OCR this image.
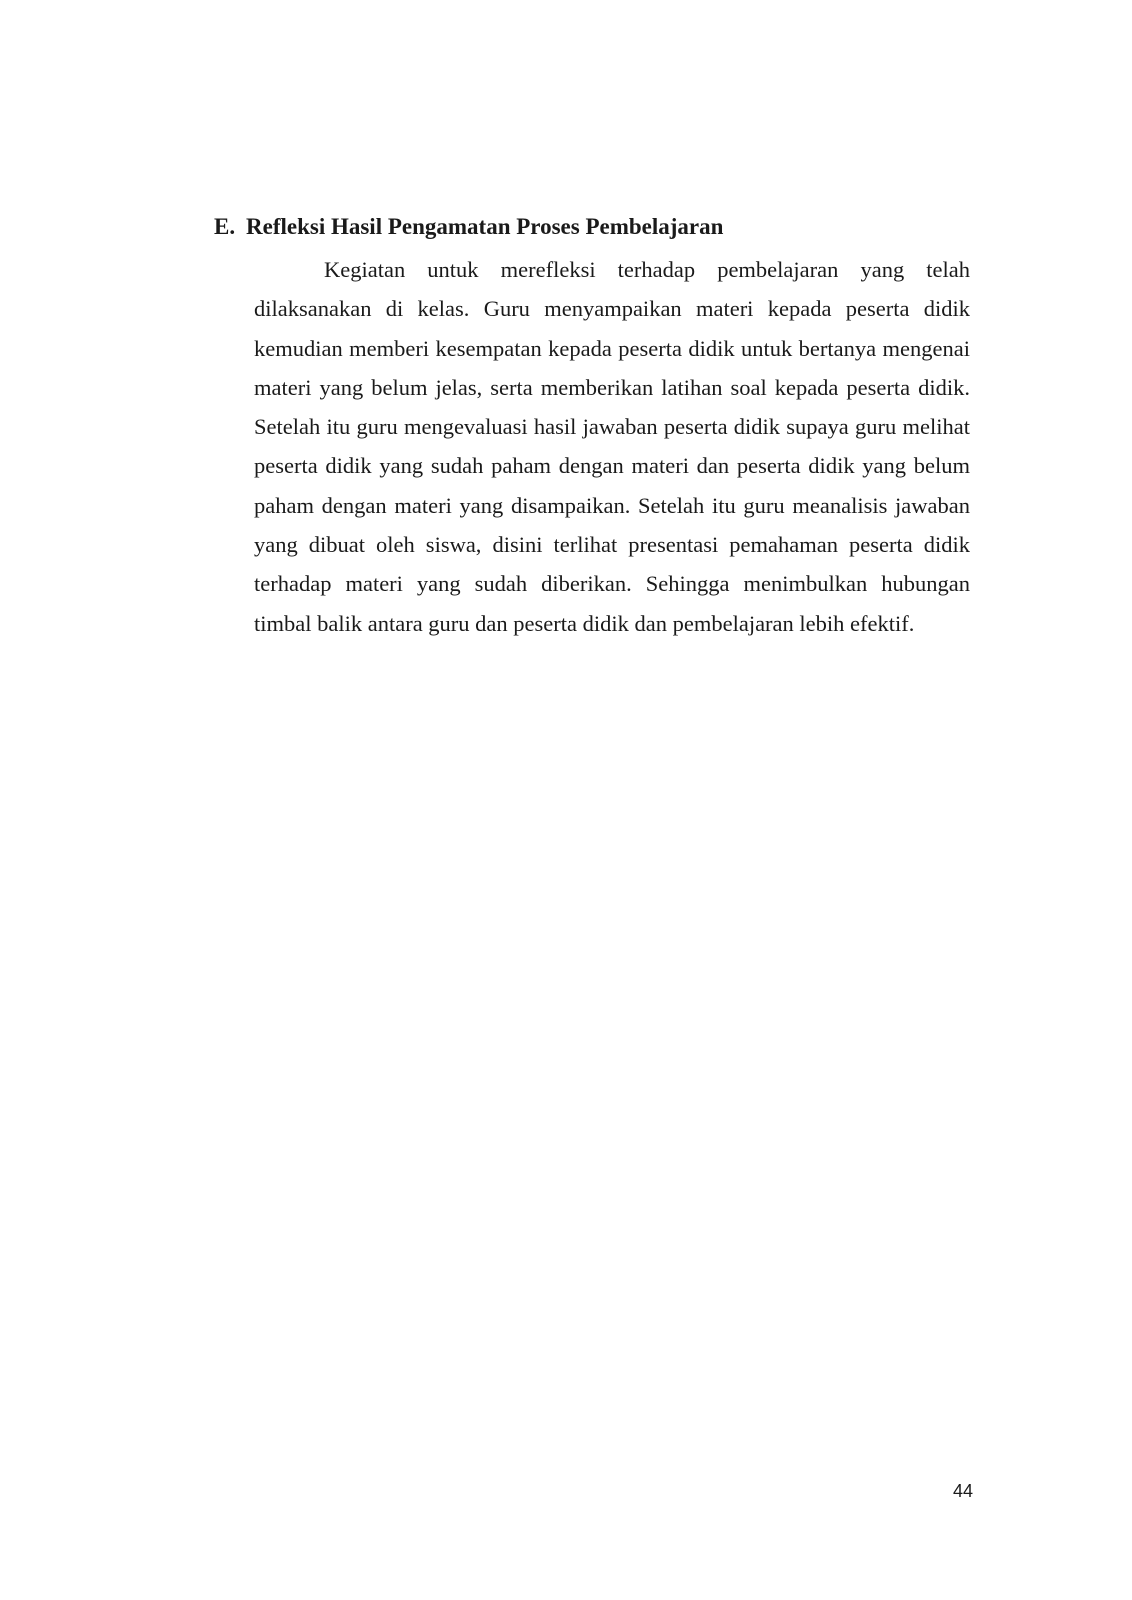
E. Refleksi Hasil Pengamatan Proses Pembelajaran

Kegiatan untuk merefleksi terhadap pembelajaran yang telah dilaksanakan di kelas. Guru menyampaikan materi kepada peserta didik kemudian memberi kesempatan kepada peserta didik untuk bertanya mengenai materi yang belum jelas, serta memberikan latihan soal kepada peserta didik. Setelah itu guru mengevaluasi hasil jawaban peserta didik supaya guru melihat peserta didik yang sudah paham dengan materi dan peserta didik yang belum paham dengan materi yang disampaikan. Setelah itu guru meanalisis jawaban yang dibuat oleh siswa, disini terlihat presentasi pemahaman peserta didik terhadap materi yang sudah diberikan. Sehingga menimbulkan hubungan timbal balik antara guru dan peserta didik dan pembelajaran lebih efektif.

44
